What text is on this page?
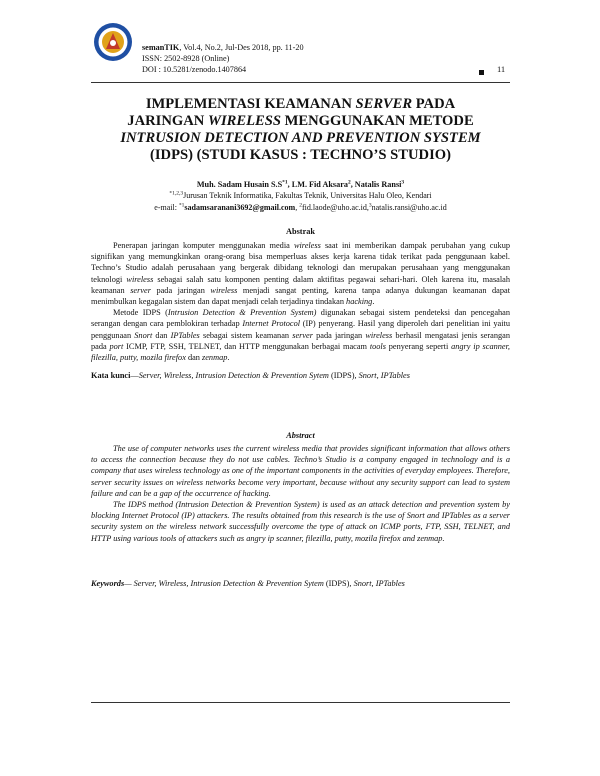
semanTIK, Vol.4, No.2, Jul-Des 2018, pp. 11-20
ISSN: 2502-8928 (Online)
DOI : 10.5281/zenodo.1407864	11
IMPLEMENTASI KEAMANAN SERVER PADA
JARINGAN WIRELESS MENGGUNAKAN METODE
INTRUSION DETECTION AND PREVENTION SYSTEM
(IDPS) (STUDI KASUS : TECHNO’S STUDIO)
Muh. Sadam Husain $S.S^{*1}$, LM. Fid Aksara$^2$, Natalis Ransi$^3$
$^{*1,2,3}$Jurusan Teknik Informatika, Fakultas Teknik, Universitas Halu Oleo, Kendari
e-mail: $^{*1}$sadamsaranani3692@gmail.com, $^2$fid.laode@uho.ac.id,$^3$natalis.ransi@uho.ac.id
Abstrak

Penerapan jaringan komputer menggunakan media wireless saat ini memberikan dampak perubahan yang cukup signifikan yang memungkinkan orang-orang bisa memperluas akses kerja karena tidak terikat pada penggunaan kabel. Techno’s Studio adalah perusahaan yang bergerak dibidang teknologi dan merupakan perusahaan yang menggunakan teknologi wireless sebagai salah satu komponen penting dalam aktifitas pegawai sehari-hari. Oleh karena itu, masalah keamanan server pada jaringan wireless menjadi sangat penting, karena tanpa adanya dukungan keamanan dapat menimbulkan kegagalan sistem dan dapat menjadi celah terjadinya tindakan hacking.

Metode IDPS (Intrusion Detection & Prevention System) digunakan sebagai sistem pendeteksi dan pencegahan serangan dengan cara pemblokiran terhadap Internet Protocol (IP) penyerang. Hasil yang diperoleh dari penelitian ini yaitu penggunaan Snort dan IPTables sebagai sistem keamanan server pada jaringan wireless berhasil mengatasi jenis serangan pada port ICMP, FTP, SSH, TELNET, dan HTTP menggunakan berbagai macam tools penyerang seperti angry ip scanner, filezilla, putty, mozila firefox dan zenmap.

Kata kunci—Server, Wireless, Intrusion Detection & Prevention Sytem (IDPS), Snort, IPTables
Abstract

The use of computer networks uses the current wireless media that provides significant information that allows others to access the connection because they do not use cables. Techno’s Studio is a company engaged in technology and is a company that uses wireless technology as one of the important components in the activities of everyday employees. Therefore, server security issues on wireless networks become very important, because without any security support can lead to system failure and can be a gap of the occurrence of hacking.

The IDPS method (Intrusion Detection & Prevention System) is used as an attack detection and prevention system by blocking Internet Protocol (IP) attackers. The results obtained from this research is the use of Snort and IPTables as a server security system on the wireless network successfully overcome the type of attack on ICMP ports, FTP, SSH, TELNET, and HTTP using various tools of attackers such as angry ip scanner, filezilla, putty, mozila firefox and zenmap.

Keywords— Server, Wireless, Intrusion Detection & Prevention Sytem (IDPS), Snort, IPTables
